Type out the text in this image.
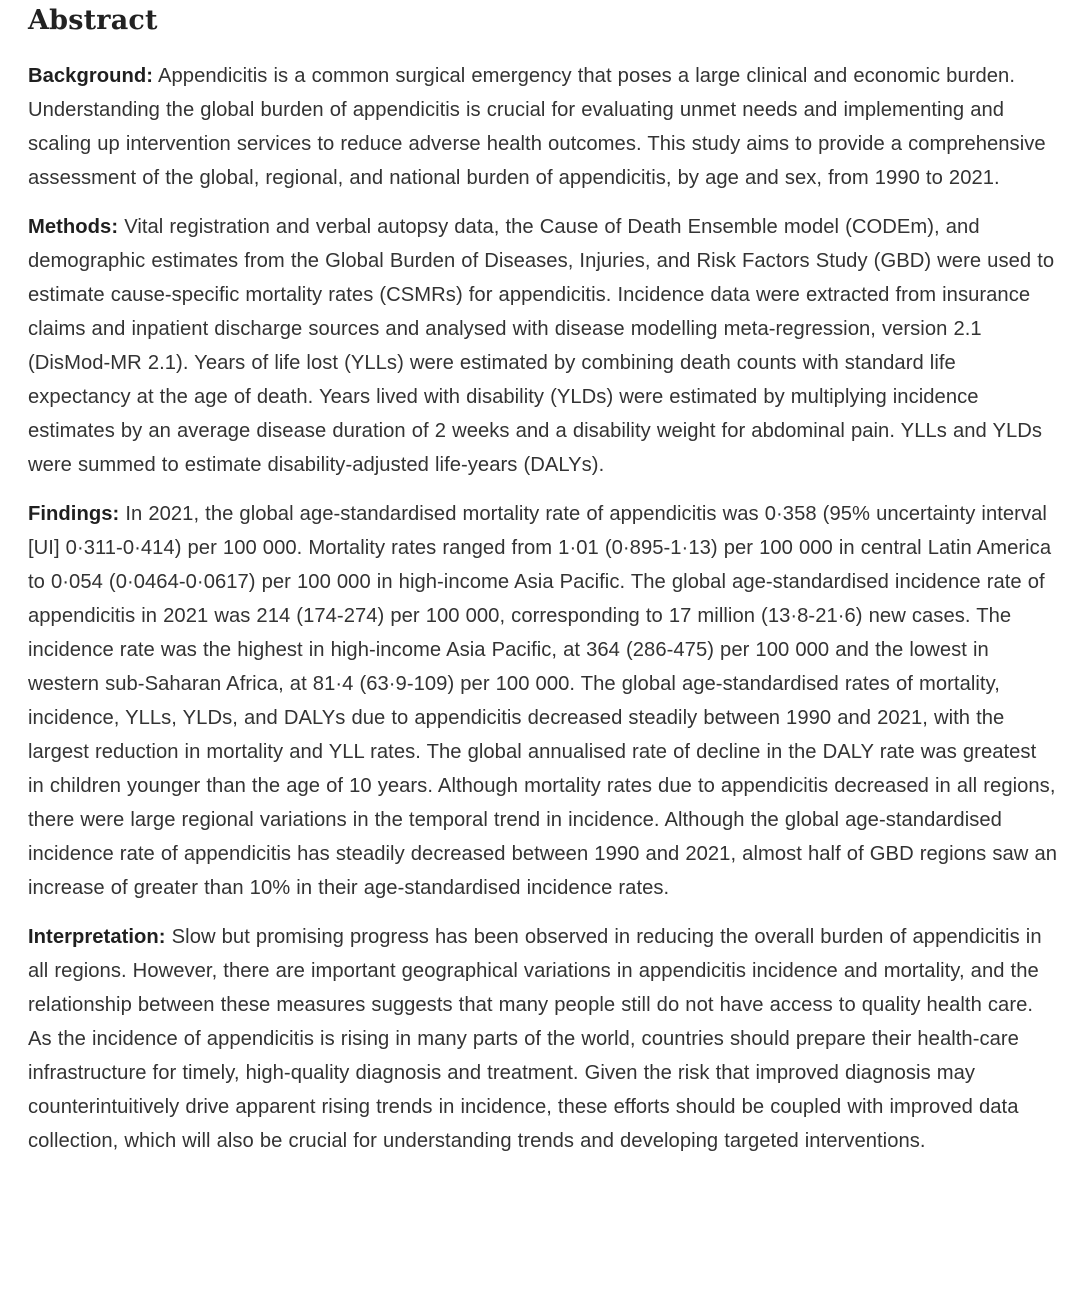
Abstract

Background: Appendicitis is a common surgical emergency that poses a large clinical and economic burden. Understanding the global burden of appendicitis is crucial for evaluating unmet needs and implementing and scaling up intervention services to reduce adverse health outcomes. This study aims to provide a comprehensive assessment of the global, regional, and national burden of appendicitis, by age and sex, from 1990 to 2021.

Methods: Vital registration and verbal autopsy data, the Cause of Death Ensemble model (CODEm), and demographic estimates from the Global Burden of Diseases, Injuries, and Risk Factors Study (GBD) were used to estimate cause-specific mortality rates (CSMRs) for appendicitis. Incidence data were extracted from insurance claims and inpatient discharge sources and analysed with disease modelling meta-regression, version 2.1 (DisMod-MR 2.1). Years of life lost (YLLs) were estimated by combining death counts with standard life expectancy at the age of death. Years lived with disability (YLDs) were estimated by multiplying incidence estimates by an average disease duration of 2 weeks and a disability weight for abdominal pain. YLLs and YLDs were summed to estimate disability-adjusted life-years (DALYs).

Findings: In 2021, the global age-standardised mortality rate of appendicitis was 0·358 (95% uncertainty interval [UI] 0·311-0·414) per 100 000. Mortality rates ranged from 1·01 (0·895-1·13) per 100 000 in central Latin America to 0·054 (0·0464-0·0617) per 100 000 in high-income Asia Pacific. The global age-standardised incidence rate of appendicitis in 2021 was 214 (174-274) per 100 000, corresponding to 17 million (13·8-21·6) new cases. The incidence rate was the highest in high-income Asia Pacific, at 364 (286-475) per 100 000 and the lowest in western sub-Saharan Africa, at 81·4 (63·9-109) per 100 000. The global age-standardised rates of mortality, incidence, YLLs, YLDs, and DALYs due to appendicitis decreased steadily between 1990 and 2021, with the largest reduction in mortality and YLL rates. The global annualised rate of decline in the DALY rate was greatest in children younger than the age of 10 years. Although mortality rates due to appendicitis decreased in all regions, there were large regional variations in the temporal trend in incidence. Although the global age-standardised incidence rate of appendicitis has steadily decreased between 1990 and 2021, almost half of GBD regions saw an increase of greater than 10% in their age-standardised incidence rates.

Interpretation: Slow but promising progress has been observed in reducing the overall burden of appendicitis in all regions. However, there are important geographical variations in appendicitis incidence and mortality, and the relationship between these measures suggests that many people still do not have access to quality health care. As the incidence of appendicitis is rising in many parts of the world, countries should prepare their health-care infrastructure for timely, high-quality diagnosis and treatment. Given the risk that improved diagnosis may counterintuitively drive apparent rising trends in incidence, these efforts should be coupled with improved data collection, which will also be crucial for understanding trends and developing targeted interventions.
